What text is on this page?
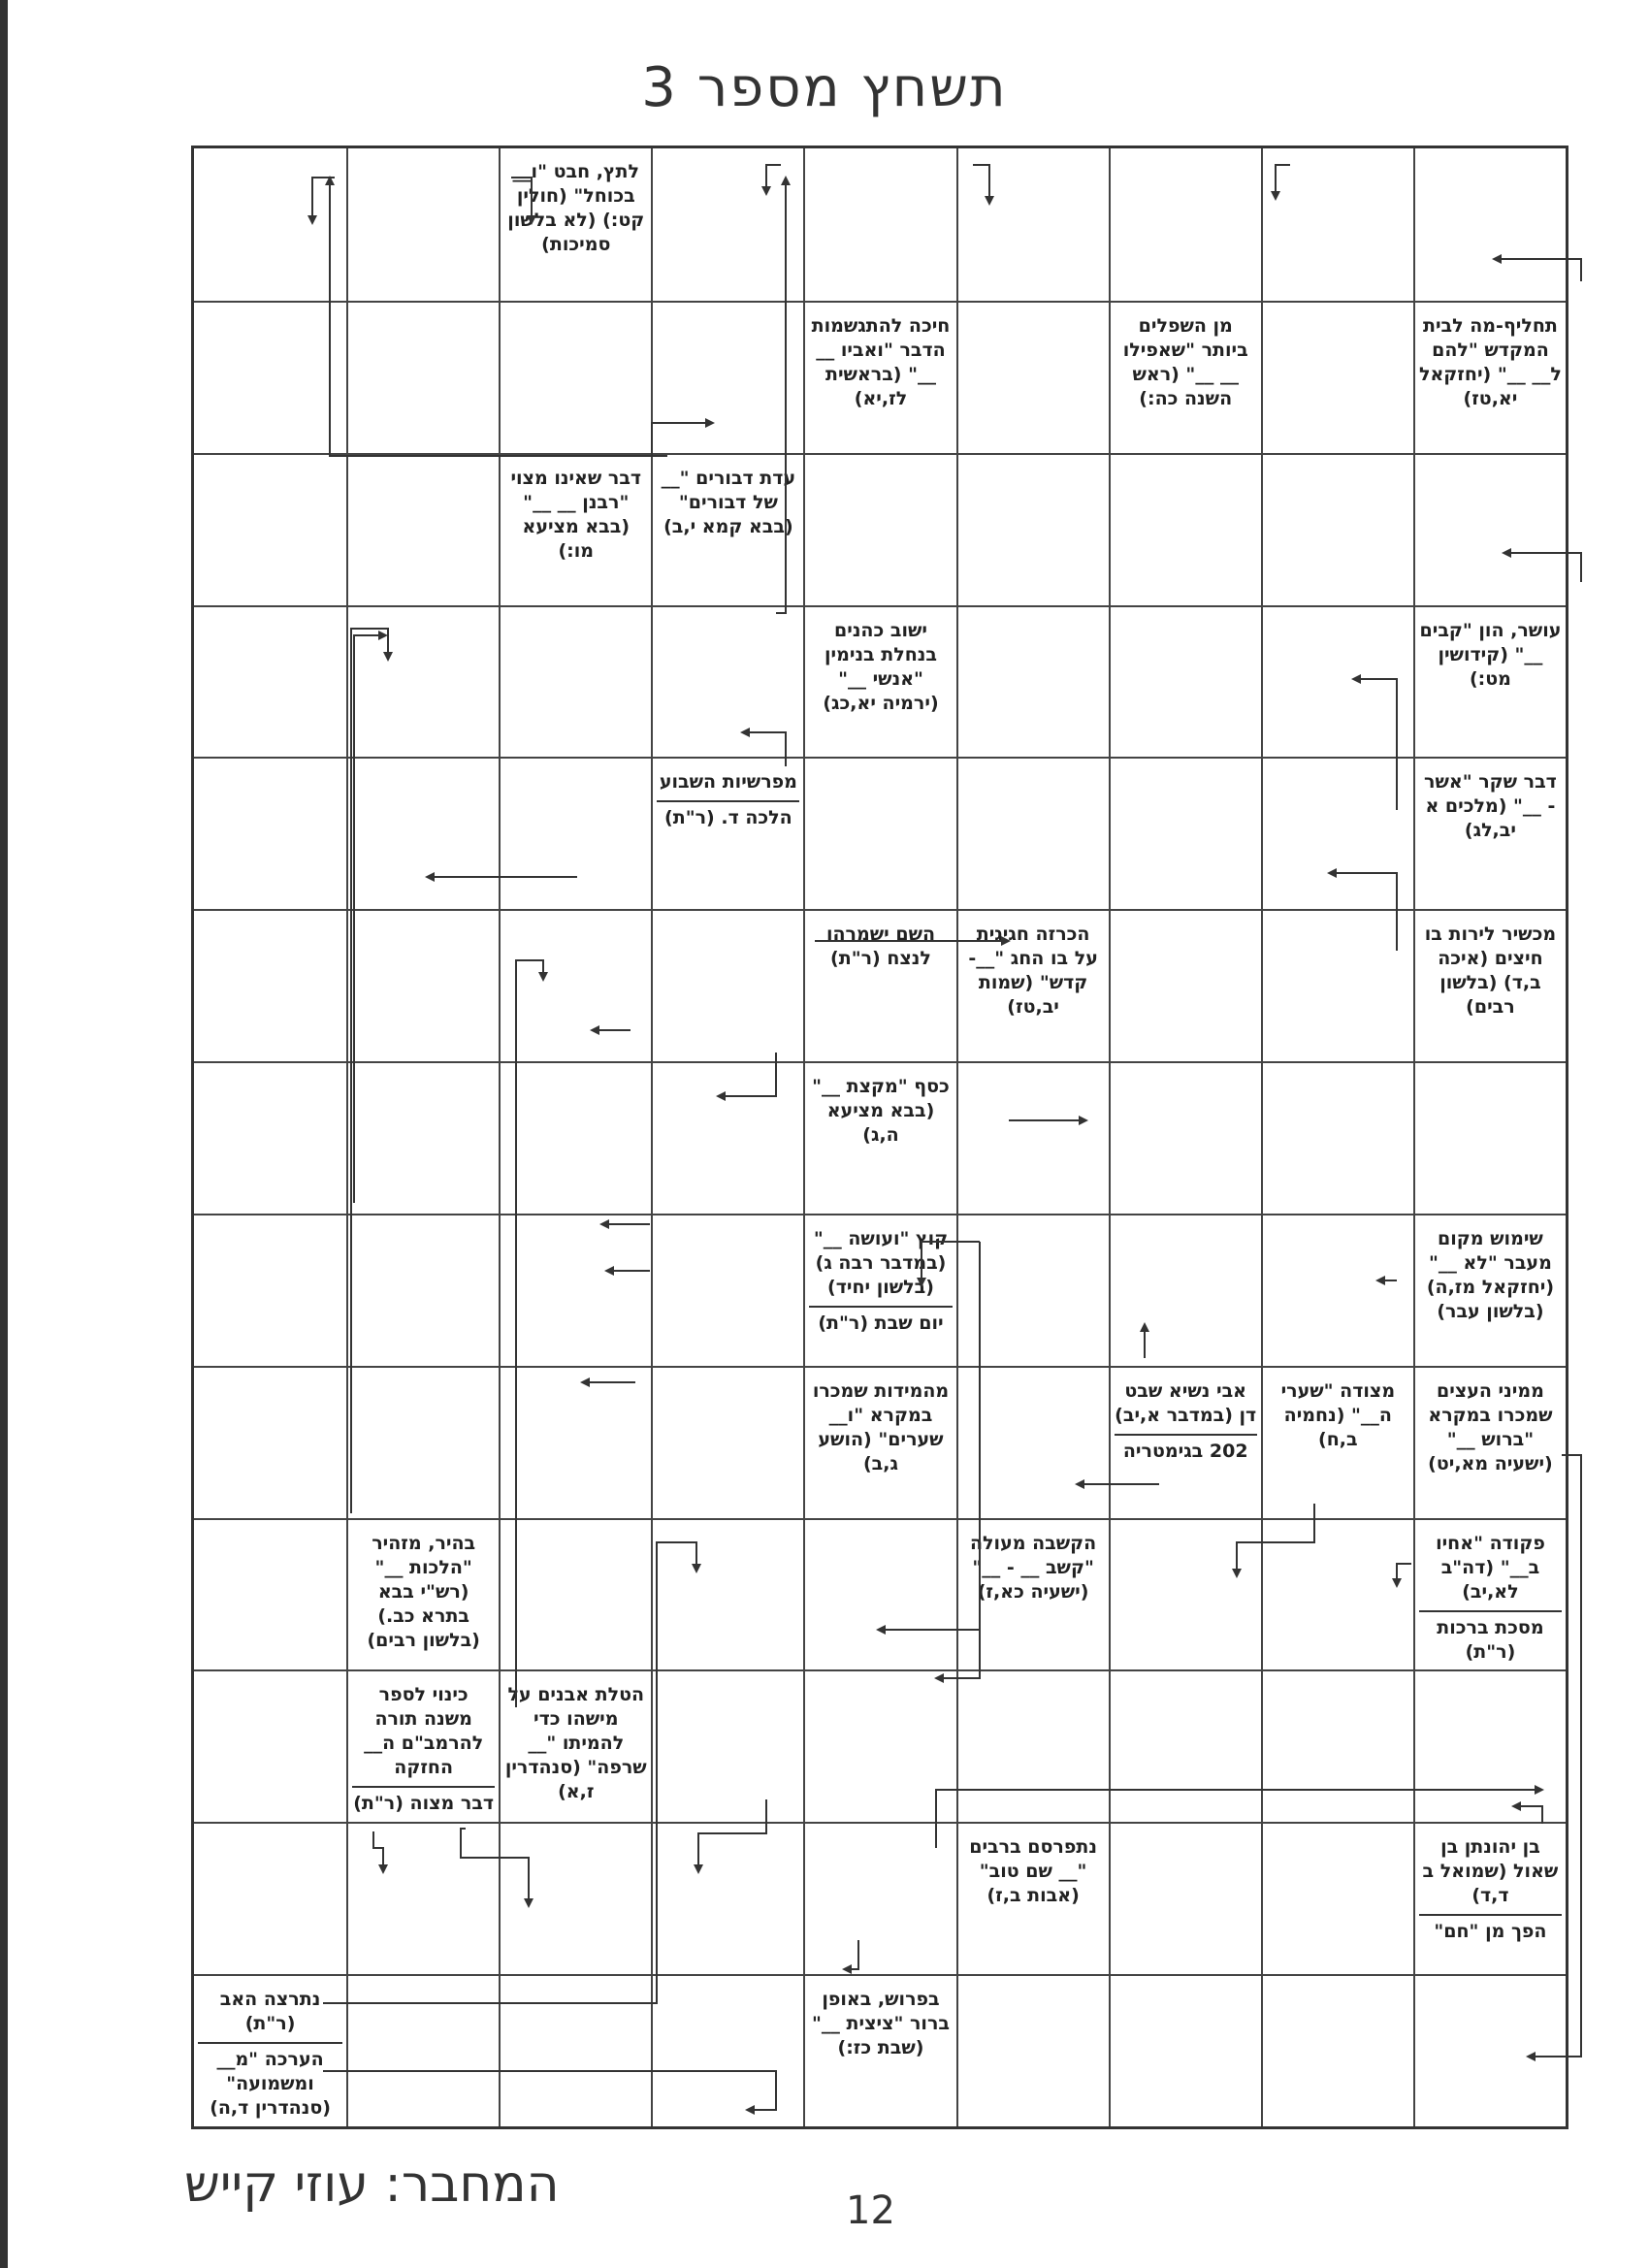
תשחץ מספר 3
לתץ, חבט "ו__ בכוחל" (חולין קט:) (לא בלשון סמיכות)
חיכה להתגשמות הדבר "ואביו __ __" (בראשית לז,יא)
מן השפלים ביותר "שאפילו __ __" (ראש השנה כה:)
תחליף-מה לבית המקדש "להם ל__ __" (יחזקאל יא,טז)
דבר שאינו מצוי "רבנן __ __" (בבא מציעא מו:)
עדת דבורים "__ של דבורים" (בבא קמא י,ב)
ישוב כהנים בנחלת בנימין "אנשי __" (ירמיה יא,כג)
עושר, הון "קבים __" (קידושין מט:)
מפרשיות השבוע
הלכה ד. (ר"ת)
דבר שקר "אשר - __" (מלכים א יב,לג)
השם ישמרהו לנצח (ר"ת)
הכרזה חגיגית על בו החג "__-קדש" (שמות יב,טז)
מכשיר לירות בו חיצים (איכה ב,ד) (בלשון רבים)
כסף "מקצת __" (בבא מציעא ה,ג)
קוץ "ועושה __" (במדבר רבה ג) (בלשון יחיד)
יום שבת (ר"ת)
שימוש מקום מעבר "לא __" (יחזקאל מז,ה) (בלשון עבר)
מהמידות שמכרו במקרא "ו__ שערים" (הושע ג,ב)
אבי נשיא שבט דן (במדבר א,יב)
202 בגימטריה
מצודה "שערי ה__" (נחמיה ב,ח)
ממיני העצים שמכרו במקרא "ברוש __" (ישעיה מא,יט)
בהיר, מזהיר "הלכות __" (רש"י בבא בתרא כב.) (בלשון רבים)
הקשבה מעולה "קשב __ - __" (ישעיה כא,ז)
פקודה "אחיו ב__" (דה"ב לא,יב)
מסכת ברכות (ר"ת)
כינוי לספר משנה תורה להרמב"ם ה__ החזקה
דבר מצוה (ר"ת)
הטלת אבנים על מישהו כדי להמיתו "__ שרפה" (סנהדרין ז,א)
נתפרסם ברבים "__ שם טוב" (אבות ב,ז)
בן יהונתן בן שאול (שמואל ב ד,ד)
הפך מן "חם"
נתרצה האב (ר"ת)
הערכה "מ__ ומשמועה" (סנהדרין ד,ה)
בפרוש, באופן ברור "ציצית __" (שבת כז:)
המחבר: עוזי קייש	12
